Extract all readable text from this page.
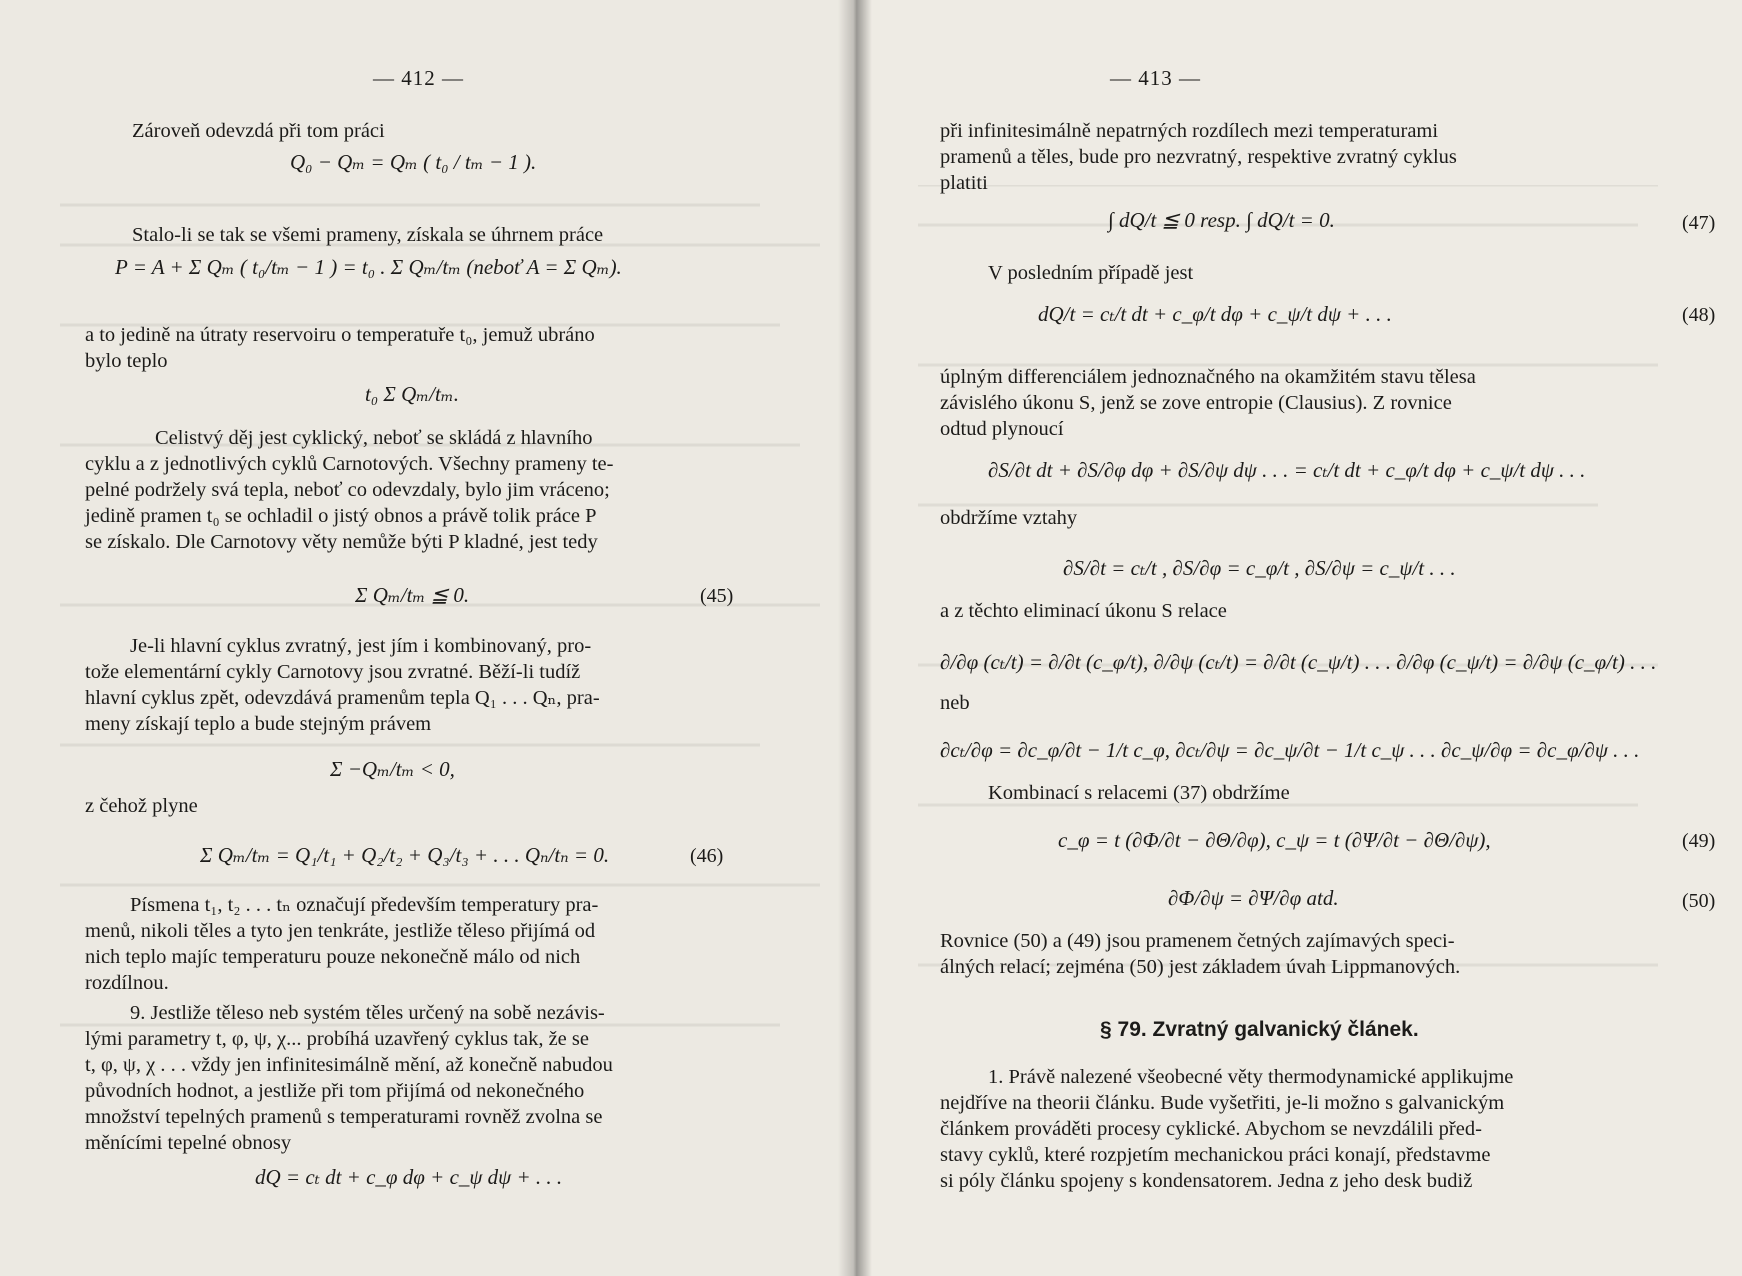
— 412 —
Zároveň odevzdá při tom práci
Q₀ − Qₘ = Qₘ ( t₀ / tₘ − 1 ).
Stalo-li se tak se všemi prameny, získala se úhrnem práce
P = A + Σ Qₘ ( t₀/tₘ − 1 ) = t₀ . Σ Qₘ/tₘ (neboť A = Σ Qₘ).
a to jedině na útraty reservoiru o temperatuře t₀, jemuž ubráno
bylo teplo
t₀ Σ Qₘ/tₘ.
Celistvý děj jest cyklický, neboť se skládá z hlavního
cyklu a z jednotlivých cyklů Carnotových. Všechny prameny te-
pelné podržely svá tepla, neboť co odevzdaly, bylo jim vráceno;
jedině pramen t₀ se ochladil o jistý obnos a právě tolik práce P
se získalo. Dle Carnotovy věty nemůže býti P kladné, jest tedy
Σ Qₘ/tₘ ≦ 0.	(45)
Je-li hlavní cyklus zvratný, jest jím i kombinovaný, pro-
tože elementární cykly Carnotovy jsou zvratné. Běží-li tudíž
hlavní cyklus zpět, odevzdává pramenům tepla Q₁ . . . Qₙ, pra-
meny získají teplo a bude stejným právem
Σ −Qₘ/tₘ < 0,
z čehož plyne
Σ Qₘ/tₘ = Q₁/t₁ + Q₂/t₂ + Q₃/t₃ + . . . Qₙ/tₙ = 0.	(46)
Písmena t₁, t₂ . . . tₙ označují především temperatury pra-
menů, nikoli těles a tyto jen tenkráte, jestliže těleso přijímá od
nich teplo majíc temperaturu pouze nekonečně málo od nich
rozdílnou.
9. Jestliže těleso neb systém těles určený na sobě nezávis-
lými parametry t, φ, ψ, χ... probíhá uzavřený cyklus tak, že se
t, φ, ψ, χ . . . vždy jen infinitesimálně mění, až konečně nabudou
původních hodnot, a jestliže při tom přijímá od nekonečného
množství tepelných pramenů s temperaturami rovněž zvolna se
měnícími tepelné obnosy
dQ = cₜ dt + c_φ dφ + c_ψ dψ + . . .
— 413 —
při infinitesimálně nepatrných rozdílech mezi temperaturami
pramenů a těles, bude pro nezvratný, respektive zvratný cyklus
platiti
∫ dQ/t ≦ 0 resp. ∫ dQ/t = 0.	(47)
V posledním případě jest
dQ/t = cₜ/t dt + c_φ/t dφ + c_ψ/t dψ + . . .	(48)
úplným differenciálem jednoznačného na okamžitém stavu tělesa
závislého úkonu S, jenž se zove entropie (Clausius). Z rovnice
odtud plynoucí
∂S/∂t dt + ∂S/∂φ dφ + ∂S/∂ψ dψ . . . = cₜ/t dt + c_φ/t dφ + c_ψ/t dψ . . .
obdržíme vztahy
∂S/∂t = cₜ/t , ∂S/∂φ = c_φ/t , ∂S/∂ψ = c_ψ/t . . .
a z těchto eliminací úkonu S relace
∂/∂φ (cₜ/t) = ∂/∂t (c_φ/t), ∂/∂ψ (cₜ/t) = ∂/∂t (c_ψ/t) . . . ∂/∂φ (c_ψ/t) = ∂/∂ψ (c_φ/t) . . .
neb
∂cₜ/∂φ = ∂c_φ/∂t − 1/t c_φ, ∂cₜ/∂ψ = ∂c_ψ/∂t − 1/t c_ψ . . . ∂c_ψ/∂φ = ∂c_φ/∂ψ . . .
Kombinací s relacemi (37) obdržíme
c_φ = t (∂Φ/∂t − ∂Θ/∂φ), c_ψ = t (∂Ψ/∂t − ∂Θ/∂ψ),	(49)
∂Φ/∂ψ = ∂Ψ/∂φ atd.	(50)
Rovnice (50) a (49) jsou pramenem četných zajímavých speci-
álných relací; zejména (50) jest základem úvah Lippmanových.
§ 79. Zvratný galvanický článek.
1. Právě nalezené všeobecné věty thermodynamické applikujme
nejdříve na theorii článku. Bude vyšetřiti, je-li možno s galvanickým
článkem prováděti procesy cyklické. Abychom se nevzdálili před-
stavy cyklů, které rozpjetím mechanickou práci konají, představme
si póly článku spojeny s kondensatorem. Jedna z jeho desk budiž
